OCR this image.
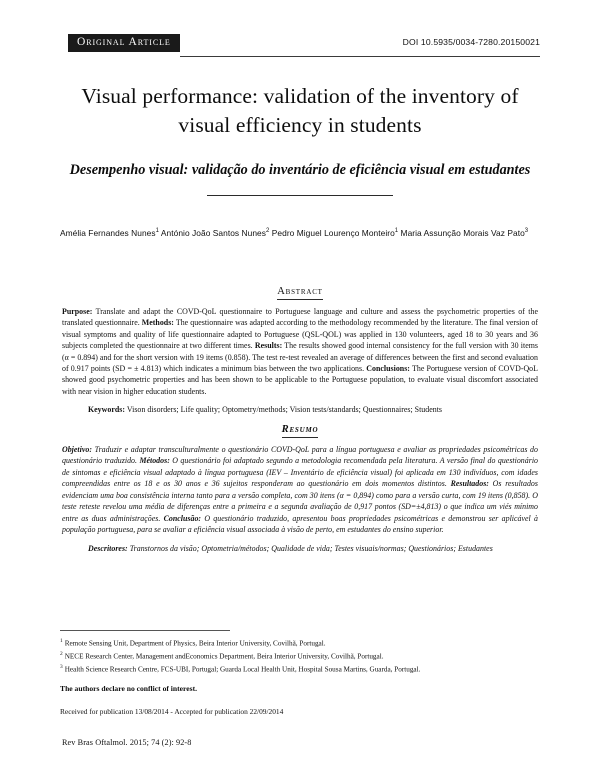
Original Article	DOI 10.5935/0034-7280.20150021
Visual performance: validation of the inventory of visual efficiency in students
Desempenho visual: validação do inventário de eficiência visual em estudantes
Amélia Fernandes Nunes$^1$ António João Santos Nunes$^2$ Pedro Miguel Lourenço Monteiro$^1$ Maria Assunção Morais Vaz Pato$^3$
Abstract
Purpose: Translate and adapt the COVD-QoL questionnaire to Portuguese language and culture and assess the psychometric properties of the translated questionnaire. Methods: The questionnaire was adapted according to the methodology recommended by the literature. The final version of visual symptoms and quality of life questionnaire adapted to Portuguese (QSL-QOL) was applied in 130 volunteers, aged 18 to 30 years and 36 subjects completed the questionnaire at two different times. Results: The results showed good internal consistency for the full version with 30 items (α = 0.894) and for the short version with 19 items (0.858). The test re-test revealed an average of differences between the first and second evaluation of 0.917 points (SD = ± 4.813) which indicates a minimum bias between the two applications. Conclusions: The Portuguese version of COVD-QoL showed good psychometric properties and has been shown to be applicable to the Portuguese population, to evaluate visual discomfort associated with near vision in higher education students.
Keywords: Vison disorders; Life quality; Optometry/methods; Vision tests/standards; Questionnaires; Students
Resumo
Objetivo: Traduzir e adaptar transculturalmente o questionário COVD-QoL para a língua portuguesa e avaliar as propriedades psicométricas do questionário traduzido. Métodos: O questionário foi adaptado segundo a metodologia recomendada pela literatura. A versão final do questionário de sintomas e eficiência visual adaptado à língua portuguesa (IEV – Inventário de eficiência visual) foi aplicada em 130 indivíduos, com idades compreendidas entre os 18 e os 30 anos e 36 sujeitos responderam ao questionário em dois momentos distintos. Resultados: Os resultados evidenciam uma boa consistência interna tanto para a versão completa, com 30 itens (α = 0,894) como para a versão curta, com 19 itens (0,858). O teste reteste revelou uma média de diferenças entre a primeira e a segunda avaliação de 0,917 pontos (SD=±4,813) o que indica um viés mínimo entre as duas administrações. Conclusão: O questionário traduzido, apresentou boas propriedades psicométricas e demonstrou ser aplicável à população portuguesa, para se avaliar a eficiência visual associada à visão de perto, em estudantes do ensino superior.
Descritores: Transtornos da visão; Optometria/métodos; Qualidade de vida; Testes visuais/normas; Questionários; Estudantes
$^1$ Remote Sensing Unit, Department of Physics, Beira Interior University, Covilhã, Portugal.
$^2$ NECE Research Center, Management andEconomics Department, Beira Interior University, Covilhã, Portugal.
$^3$ Health Science Research Centre, FCS-UBI, Portugal; Guarda Local Health Unit, Hospital Sousa Martins, Guarda, Portugal.
The authors declare no conflict of interest.
Received for publication 13/08/2014 - Accepted for publication 22/09/2014
Rev Bras Oftalmol. 2015; 74 (2): 92-8
